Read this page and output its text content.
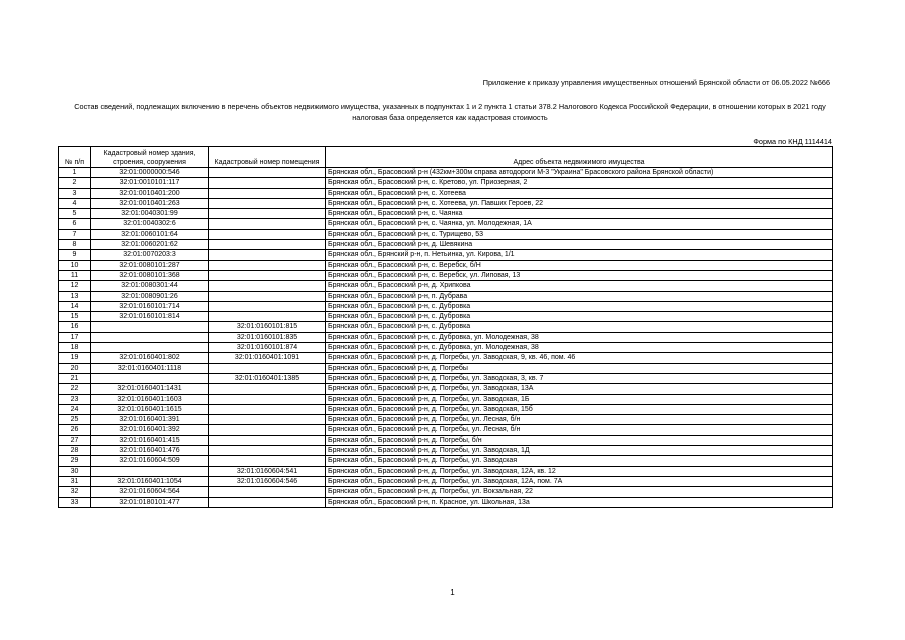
Приложение к приказу управления имущественных отношений Брянской области от 06.05.2022 №666
Состав сведений, подлежащих включению в перечень объектов недвижимого имущества, указанных в подпунктах 1 и 2 пункта 1 статьи 378.2 Налогового Кодекса Российской Федерации, в отношении которых в 2021 году налоговая база определяется как кадастровая стоимость
Форма по КНД 1114414
№ п/п	Кадастровый номер здания, строения, сооружения	Кадастровый номер помещения	Адрес объекта недвижимого имущества
1	32:01:0000000:546		Брянская обл., Брасовский р-н (432км+300м справа автодороги М-3 "Украина" Брасовского района Брянской области)
2	32:01:0010101:117		Брянская обл., Брасовский р-н, с. Кретово, ул. Приозерная, 2
3	32:01:0010401:200		Брянская обл., Брасовский р-н, с. Хотеева
4	32:01:0010401:263		Брянская обл., Брасовский р-н, с. Хотеева, ул. Павших Героев, 22
5	32:01:0040301:99		Брянская обл., Брасовский р-н, с. Чаянка
6	32:01:0040302:6		Брянская обл., Брасовский р-н, с. Чаянка, ул. Молодежная, 1А
7	32:01:0060101:64		Брянская обл., Брасовский р-н, с. Турищево, 53
8	32:01:0060201:62		Брянская обл., Брасовский р-н, д. Шевякина
9	32:01:0070203:3		Брянская обл., Брянский р-н, п. Нетьинка, ул. Кирова, 1/1
10	32:01:0080101:287		Брянская обл., Брасовский р-н, с. Веребск, б/Н
11	32:01:0080101:368		Брянская обл., Брасовский р-н, с. Веребск, ул. Липовая, 13
12	32:01:0080301:44		Брянская обл., Брасовский р-н, д. Хрипкова
13	32:01:0080901:26		Брянская обл., Брасовский р-н, п. Дубрава
14	32:01:0160101:714		Брянская обл., Брасовский р-н, с. Дубровка
15	32:01:0160101:814		Брянская обл., Брасовский р-н, с. Дубровка
16		32:01:0160101:815	Брянская обл., Брасовский р-н, с. Дубровка
17		32:01:0160101:835	Брянская обл., Брасовский р-н, с. Дубровка, ул. Молодежная, 38
18		32:01:0160101:874	Брянская обл., Брасовский р-н, с. Дубровка, ул. Молодежная, 38
19	32:01:0160401:802	32:01:0160401:1091	Брянская обл., Брасовский р-н, д. Погребы, ул. Заводская, 9, кв. 46, пом. 46
20	32:01:0160401:1118		Брянская обл., Брасовский р-н, д. Погребы
21		32:01:0160401:1385	Брянская обл., Брасовский р-н, д. Погребы, ул. Заводская, 3, кв. 7
22	32:01:0160401:1431		Брянская обл., Брасовский р-н, д. Погребы, ул. Заводская, 13А
23	32:01:0160401:1603		Брянская обл., Брасовский р-н, д. Погребы, ул. Заводская, 1Б
24	32:01:0160401:1615		Брянская обл., Брасовский р-н, д. Погребы, ул. Заводская, 15б
25	32:01:0160401:391		Брянская обл., Брасовский р-н, д. Погребы, ул. Лесная, б/н
26	32:01:0160401:392		Брянская обл., Брасовский р-н, д. Погребы, ул. Лесная, б/н
27	32:01:0160401:415		Брянская обл., Брасовский р-н, д. Погребы, б/н
28	32:01:0160401:476		Брянская обл., Брасовский р-н, д. Погребы, ул. Заводская, 1Д
29	32:01:0160604:509		Брянская обл., Брасовский р-н, д. Погребы, ул. Заводская
30		32:01:0160604:541	Брянская обл., Брасовский р-н, д. Погребы, ул. Заводская, 12А, кв. 12
31	32:01:0160401:1054	32:01:0160604:546	Брянская обл., Брасовский р-н, д. Погребы, ул. Заводская, 12А, пом. 7А
32	32:01:0160604:564		Брянская обл., Брасовский р-н, д. Погребы, ул. Вокзальная, 22
33	32:01:0180101:477		Брянская обл., Брасовский р-н, п. Красное, ул. Школьная, 13а
1
